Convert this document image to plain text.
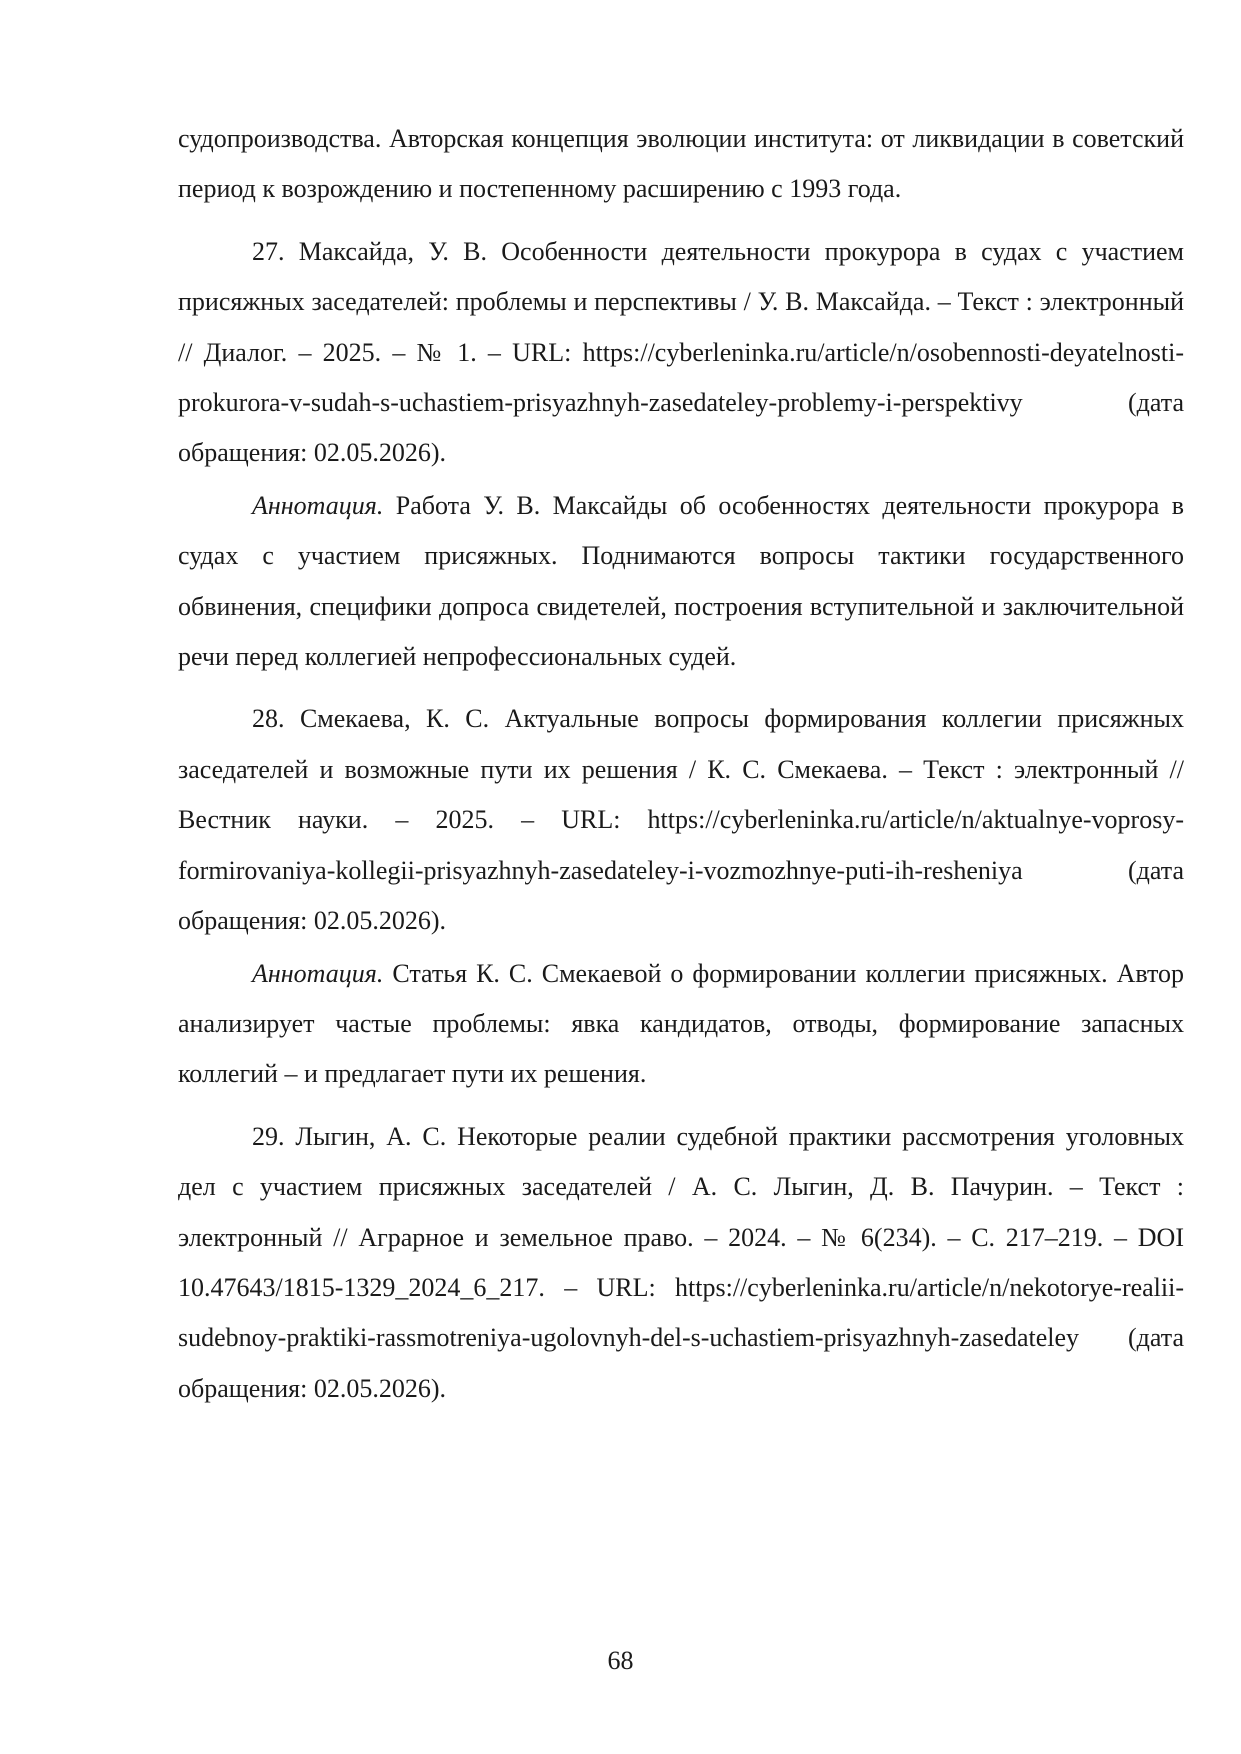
судопроизводства. Авторская концепция эволюции института: от ликвидации в советский период к возрождению и постепенному расширению с 1993 года.

27. Максайда, У. В. Особенности деятельности прокурора в судах с участием присяжных заседателей: проблемы и перспективы / У. В. Максайда. – Текст : электронный // Диалог. – 2025. – № 1. – URL: https://cyberleninka.ru/article/n/osobennosti-deyatelnosti-prokurora-v-sudah-s-uchastiem-prisyazhnyh-zasedateley-problemy-i-perspektivy	(дата обращения: 02.05.2026).

Аннотация. Работа У. В. Максайды об особенностях деятельности прокурора в судах с участием присяжных. Поднимаются вопросы тактики государственного обвинения, специфики допроса свидетелей, построения вступительной и заключительной речи перед коллегией непрофессиональных судей.

28. Смекаева, К. С. Актуальные вопросы формирования коллегии присяжных заседателей и возможные пути их решения / К. С. Смекаева. – Текст : электронный // Вестник науки. – 2025. – URL: https://cyberleninka.ru/article/n/aktualnye-voprosy-formirovaniya-kollegii-prisyazhnyh-zasedateley-i-vozmozhnye-puti-ih-resheniya	(дата обращения: 02.05.2026).

Аннотация. Статья К. С. Смекаевой о формировании коллегии присяжных. Автор анализирует частые проблемы: явка кандидатов, отводы, формирование запасных коллегий – и предлагает пути их решения.

29. Лыгин, А. С. Некоторые реалии судебной практики рассмотрения уголовных дел с участием присяжных заседателей / А. С. Лыгин, Д. В. Пачурин. – Текст : электронный // Аграрное и земельное право. – 2024. – № 6(234). – С. 217–219. – DOI 10.47643/1815-1329_2024_6_217. – URL: https://cyberleninka.ru/article/n/nekotorye-realii-sudebnoy-praktiki-rassmotreniya-ugolovnyh-del-s-uchastiem-prisyazhnyh-zasedateley (дата обращения: 02.05.2026).

68
